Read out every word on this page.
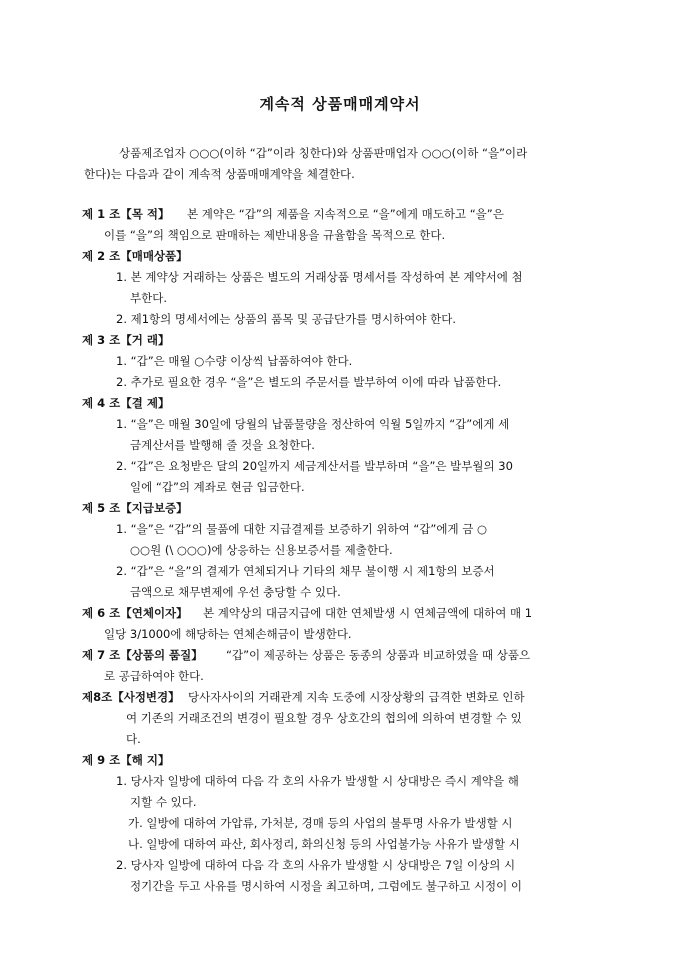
계속적 상품매매계약서
상품제조업자 ○○○(이하 “갑”이라 칭한다)와 상품판매업자 ○○○(이하 “을”이라
한다)는 다음과 같이 계속적 상품매매계약을 체결한다.
제 1 조【목 적】 본 계약은 “갑”의 제품을 지속적으로 “을”에게 매도하고 “을”은
이를 “을”의 책임으로 판매하는 제반내용을 규율함을 목적으로 한다.
제 2 조【매매상품】
1. 본 계약상 거래하는 상품은 별도의 거래상품 명세서를 작성하여 본 계약서에 첨
부한다.
2. 제1항의 명세서에는 상품의 품목 및 공급단가를 명시하여야 한다.
제 3 조【거 래】
1. “갑”은 매월 ○수량 이상씩 납품하여야 한다.
2. 추가로 필요한 경우 “을”은 별도의 주문서를 발부하여 이에 따라 납품한다.
제 4 조【결 제】
1. “을”은 매월 30일에 당월의 납품물량을 정산하여 익월 5일까지 “갑”에게 세
금계산서를 발행해 줄 것을 요청한다.
2. “갑”은 요청받은 달의 20일까지 세금계산서를 발부하며 “을”은 발부월의 30
일에 “갑”의 계좌로 현금 입금한다.
제 5 조【지급보증】
1. “을”은 “갑”의 물품에 대한 지급결제를 보증하기 위하여 “갑”에게 금 ○
○○원 (\ ○○○)에 상응하는 신용보증서를 제출한다.
2. “갑”은 “을”의 결제가 연체되거나 기타의 채무 불이행 시 제1항의 보증서
금액으로 채무변제에 우선 충당할 수 있다.
제 6 조【연체이자】 본 계약상의 대금지급에 대한 연체발생 시 연체금액에 대하여 매 1
일당 3/1000에 해당하는 연체손해금이 발생한다.
제 7 조【상품의 품질】 “갑”이 제공하는 상품은 동종의 상품과 비교하였을 때 상품으
로 공급하여야 한다.
제8조【사정변경】 당사자사이의 거래관계 지속 도중에 시장상황의 급격한 변화로 인하
여 기존의 거래조건의 변경이 필요할 경우 상호간의 협의에 의하여 변경할 수 있
다.
제 9 조【해 지】
1. 당사자 일방에 대하여 다음 각 호의 사유가 발생할 시 상대방은 즉시 계약을 해
지할 수 있다.
가. 일방에 대하여 가압류, 가처분, 경매 등의 사업의 불투명 사유가 발생할 시
나. 일방에 대하여 파산, 회사정리, 화의신청 등의 사업불가능 사유가 발생할 시
2. 당사자 일방에 대하여 다음 각 호의 사유가 발생할 시 상대방은 7일 이상의 시
정기간을 두고 사유를 명시하여 시정을 최고하며, 그럼에도 불구하고 시정이 이
